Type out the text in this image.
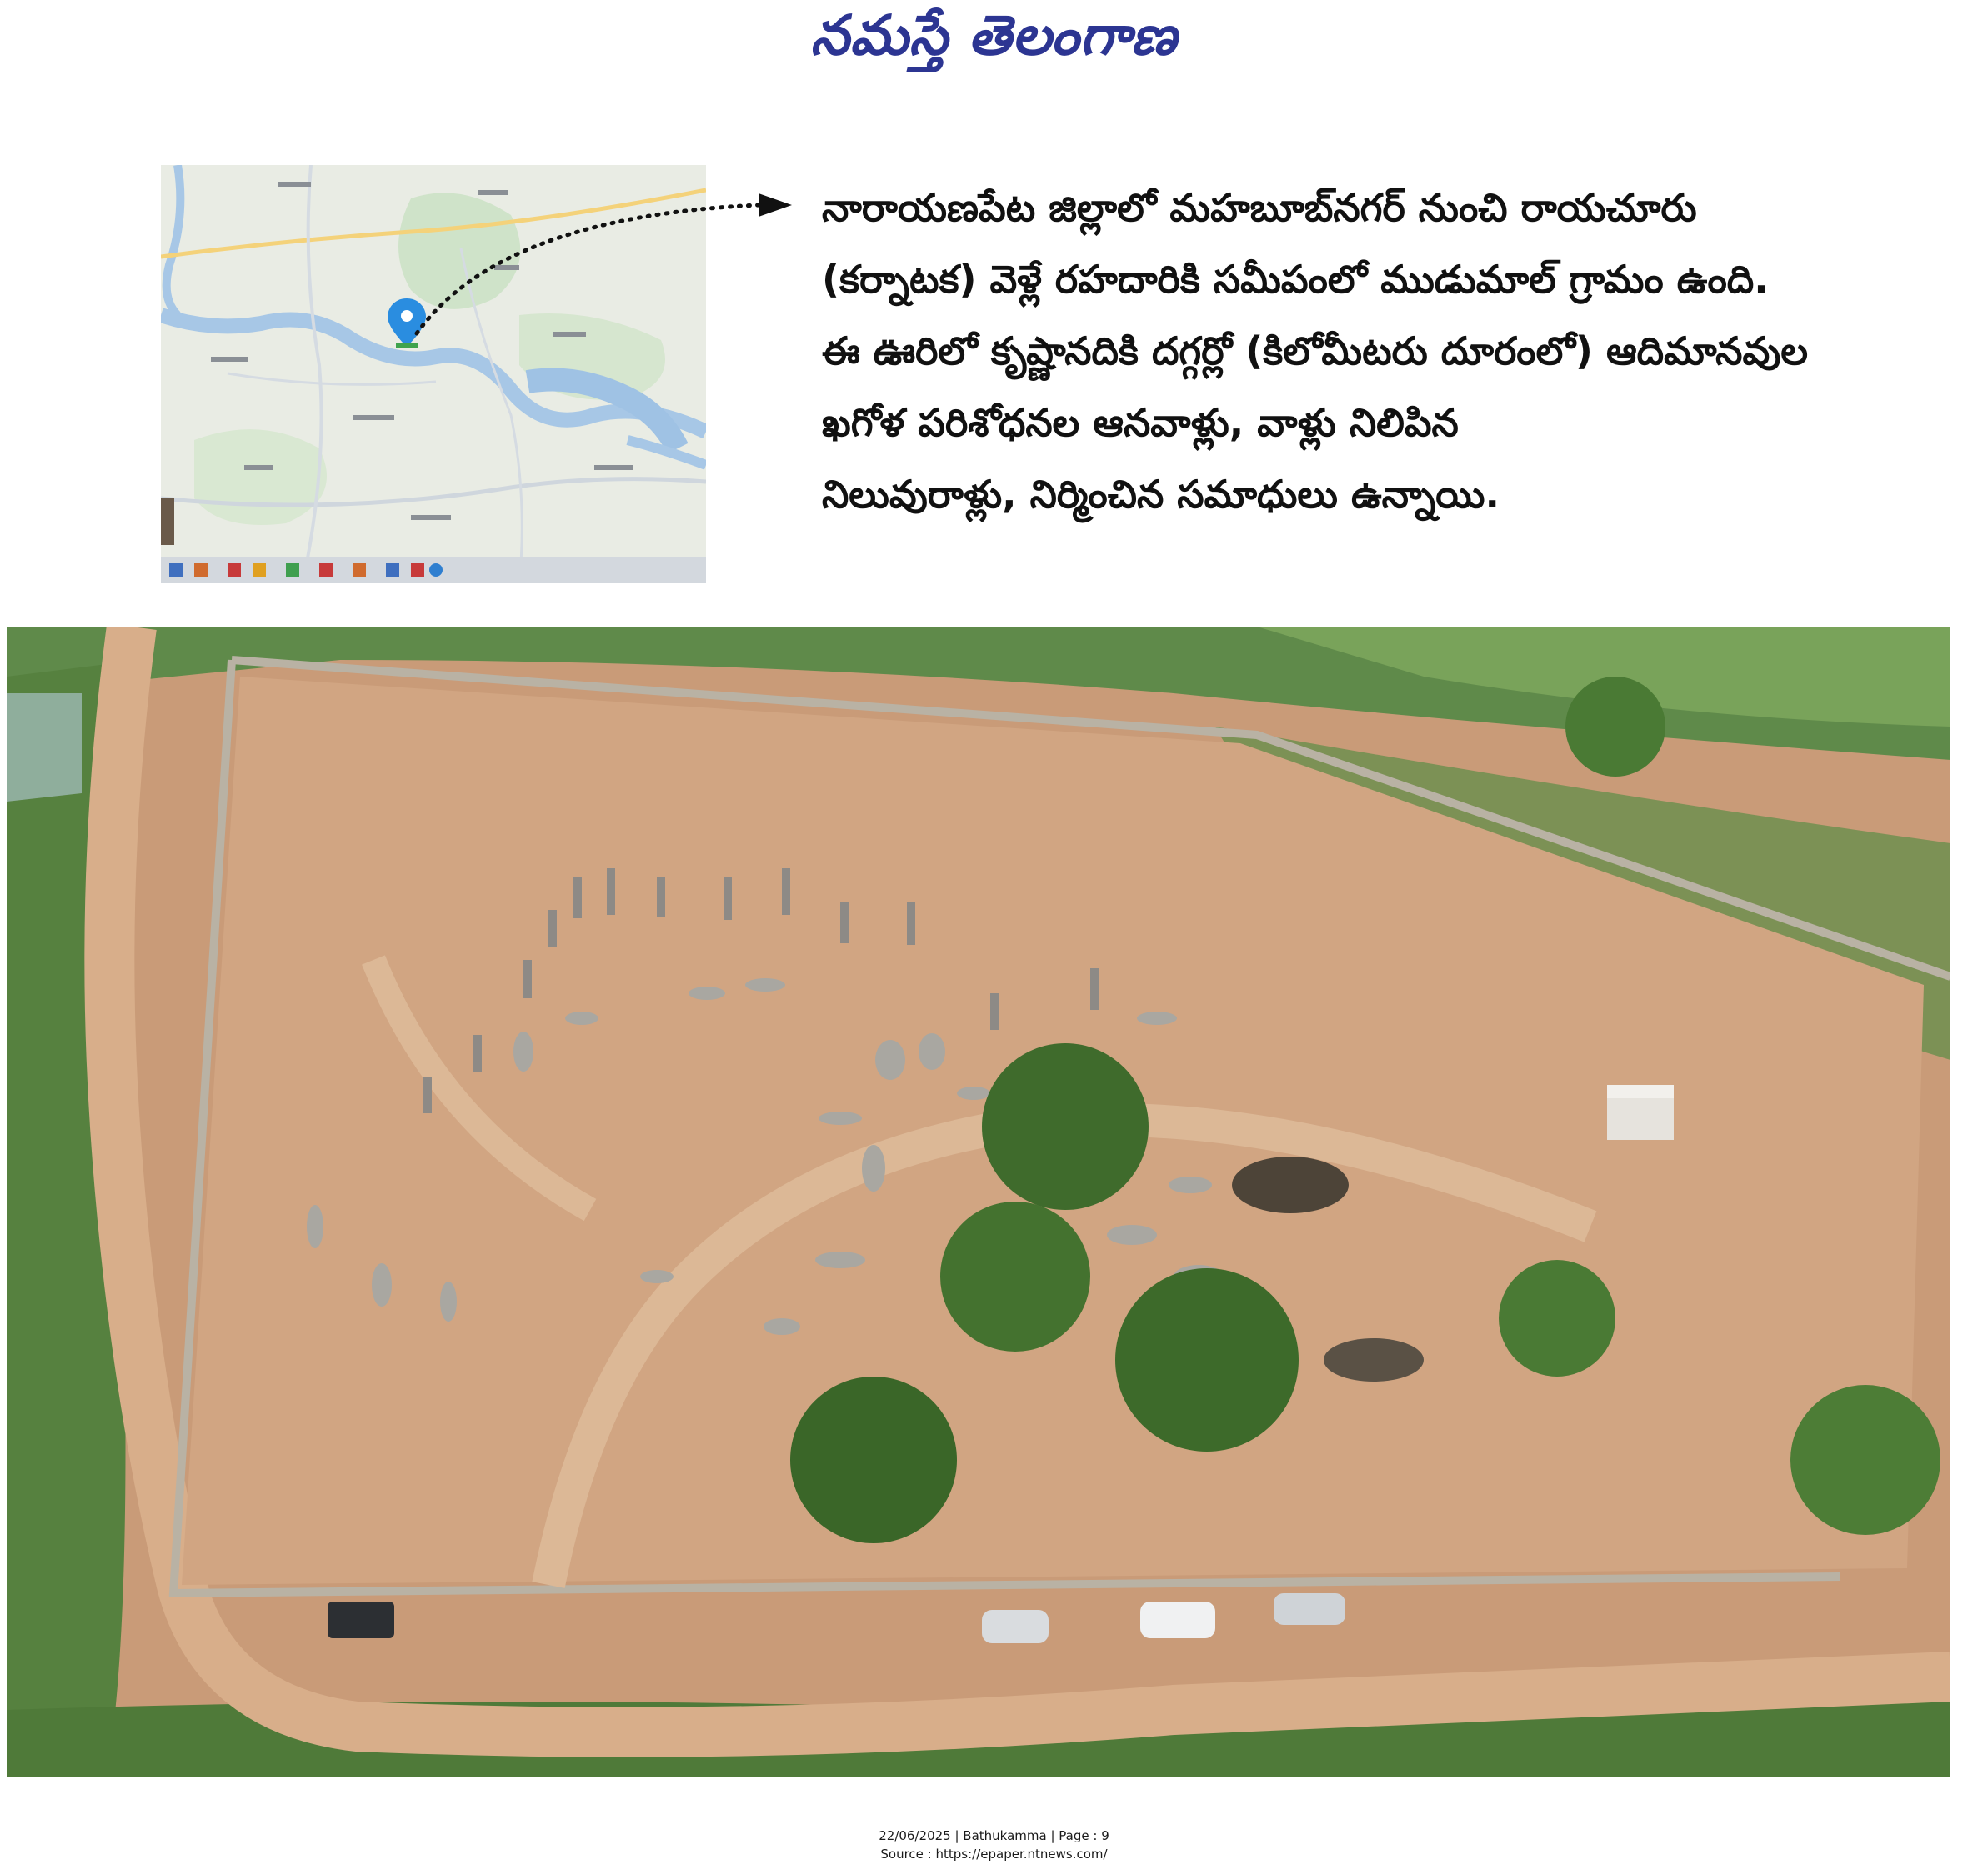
నమస్తే తెలంగాణ
నారాయణపేట జిల్లాలో మహబూబ్‌నగర్ నుంచి రాయచూరు
(కర్నాటక) వెళ్లే రహదారికి సమీపంలో ముడుమాల్ గ్రామం ఉంది.
ఈ ఊరిలో కృష్ణానదికి దగ్గర్లో (కిలోమీటరు దూరంలో) ఆదిమానవుల
ఖగోళ పరిశోధనల ఆనవాళ్లు, వాళ్లు నిలిపిన
నిలువురాళ్లు, నిర్మించిన సమాధులు ఉన్నాయి.
22/06/2025 | Bathukamma | Page : 9
Source : https://epaper.ntnews.com/
